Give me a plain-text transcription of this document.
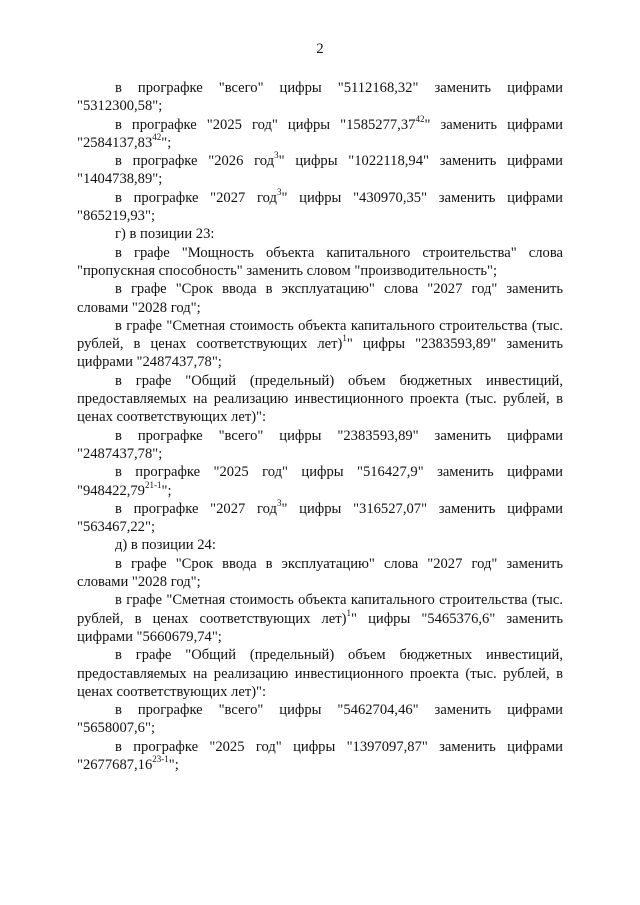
2

в прографке "всего" цифры "5112168,32" заменить цифрами "5312300,58";

в прографке "2025 год" цифры "1585277,37$^{42}$" заменить цифрами "2584137,83$^{42}$";

в прографке "2026 год$^3$" цифры "1022118,94" заменить цифрами "1404738,89";

в прографке "2027 год$^3$" цифры "430970,35" заменить цифрами "865219,93";

г) в позиции 23:

в графе "Мощность объекта капитального строительства" слова "пропускная способность" заменить словом "производительность";

в графе "Срок ввода в эксплуатацию" слова "2027 год" заменить словами "2028 год";

в графе "Сметная стоимость объекта капитального строительства (тыс. рублей, в ценах соответствующих лет)$^1$" цифры "2383593,89" заменить цифрами "2487437,78";

в графе "Общий (предельный) объем бюджетных инвестиций, предоставляемых на реализацию инвестиционного проекта (тыс. рублей, в ценах соответствующих лет)":

в прографке "всего" цифры "2383593,89" заменить цифрами "2487437,78";

в прографке "2025 год" цифры "516427,9" заменить цифрами "948422,79$^{21-1}$";

в прографке "2027 год$^3$" цифры "316527,07" заменить цифрами "563467,22";

д) в позиции 24:

в графе "Срок ввода в эксплуатацию" слова "2027 год" заменить словами "2028 год";

в графе "Сметная стоимость объекта капитального строительства (тыс. рублей, в ценах соответствующих лет)$^1$" цифры "5465376,6" заменить цифрами "5660679,74";

в графе "Общий (предельный) объем бюджетных инвестиций, предоставляемых на реализацию инвестиционного проекта (тыс. рублей, в ценах соответствующих лет)":

в прографке "всего" цифры "5462704,46" заменить цифрами "5658007,6";

в прографке "2025 год" цифры "1397097,87" заменить цифрами "2677687,16$^{23-1}$";
